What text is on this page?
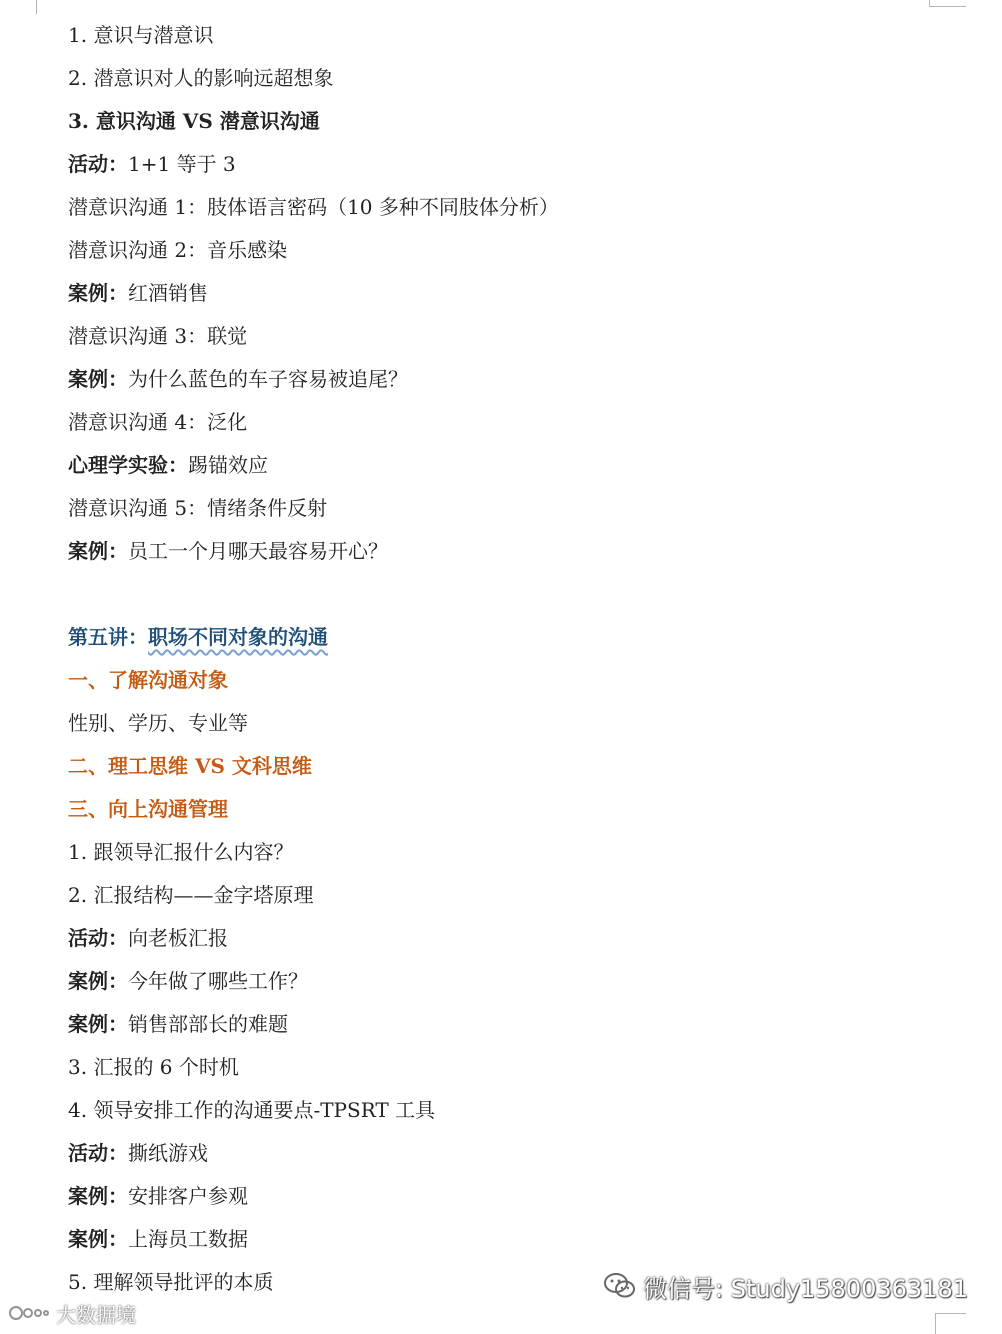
1. 意识与潜意识
2. 潜意识对人的影响远超想象
3. 意识沟通 VS 潜意识沟通
活动：1+1 等于 3
潜意识沟通 1：肢体语言密码（10 多种不同肢体分析）
潜意识沟通 2：音乐感染
案例：红酒销售
潜意识沟通 3：联觉
案例：为什么蓝色的车子容易被追尾？
潜意识沟通 4：泛化
心理学实验：踢锚效应
潜意识沟通 5：情绪条件反射
案例：员工一个月哪天最容易开心？
第五讲：职场不同对象的沟通
一、了解沟通对象
性别、学历、专业等
二、理工思维 VS 文科思维
三、向上沟通管理
1. 跟领导汇报什么内容？
2. 汇报结构——金字塔原理
活动：向老板汇报
案例：今年做了哪些工作？
案例：销售部部长的难题
3. 汇报的 6 个时机
4. 领导安排工作的沟通要点-TPSRT 工具
活动：撕纸游戏
案例：安排客户参观
案例：上海员工数据
5. 理解领导批评的本质	微信号: Study15800363181
大数据境
